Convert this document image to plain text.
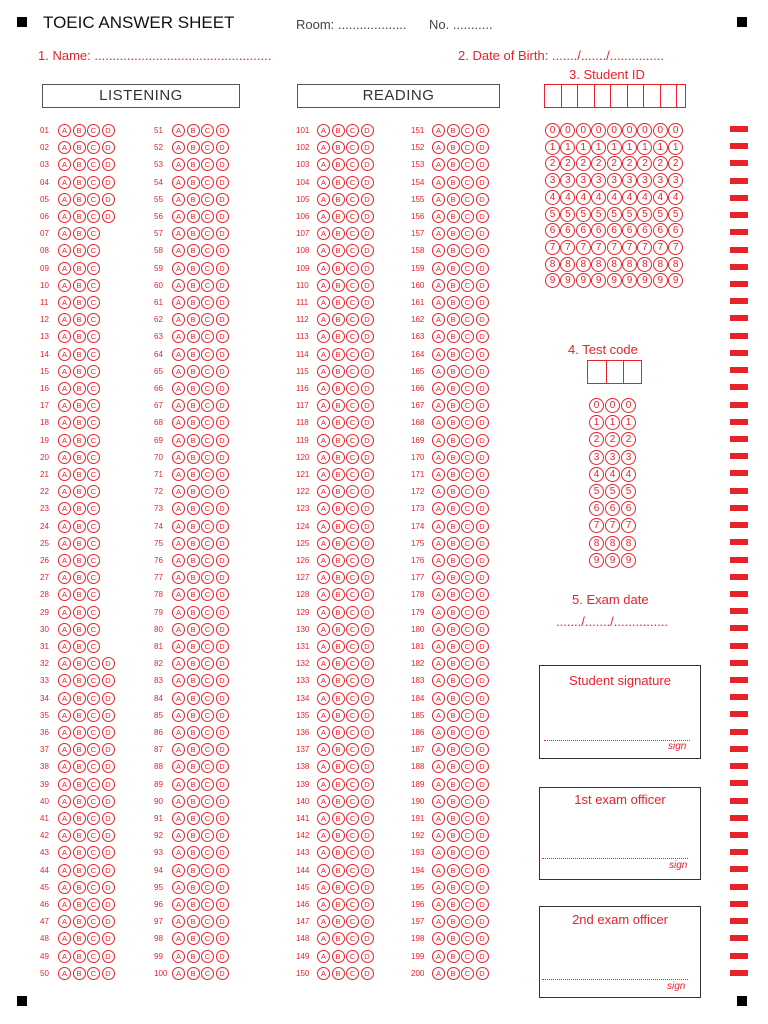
TOEIC ANSWER SHEET	Room: ................... No. ...........
1. Name: .................................................	2. Date of Birth: ......./......./...............
3. Student ID
LISTENING	READING
01	A	B	C	D
02	A	B	C	D
03	A	B	C	D
04	A	B	C	D
05	A	B	C	D
06	A	B	C	D
07	A	B	C
08	A	B	C
09	A	B	C
10	A	B	C
11	A	B	C
12	A	B	C
13	A	B	C
14	A	B	C
15	A	B	C
16	A	B	C
17	A	B	C
18	A	B	C
19	A	B	C
20	A	B	C
21	A	B	C
22	A	B	C
23	A	B	C
24	A	B	C
25	A	B	C
26	A	B	C
27	A	B	C
28	A	B	C
29	A	B	C
30	A	B	C
31	A	B	C
32	A	B	C	D
33	A	B	C	D
34	A	B	C	D
35	A	B	C	D
36	A	B	C	D
37	A	B	C	D
38	A	B	C	D
39	A	B	C	D
40	A	B	C	D
41	A	B	C	D
42	A	B	C	D
43	A	B	C	D
44	A	B	C	D
45	A	B	C	D
46	A	B	C	D
47	A	B	C	D
48	A	B	C	D
49	A	B	C	D
50	A	B	C	D
51	A	B	C	D
52	A	B	C	D
53	A	B	C	D
54	A	B	C	D
55	A	B	C	D
56	A	B	C	D
57	A	B	C	D
58	A	B	C	D
59	A	B	C	D
60	A	B	C	D
61	A	B	C	D
62	A	B	C	D
63	A	B	C	D
64	A	B	C	D
65	A	B	C	D
66	A	B	C	D
67	A	B	C	D
68	A	B	C	D
69	A	B	C	D
70	A	B	C	D
71	A	B	C	D
72	A	B	C	D
73	A	B	C	D
74	A	B	C	D
75	A	B	C	D
76	A	B	C	D
77	A	B	C	D
78	A	B	C	D
79	A	B	C	D
80	A	B	C	D
81	A	B	C	D
82	A	B	C	D
83	A	B	C	D
84	A	B	C	D
85	A	B	C	D
86	A	B	C	D
87	A	B	C	D
88	A	B	C	D
89	A	B	C	D
90	A	B	C	D
91	A	B	C	D
92	A	B	C	D
93	A	B	C	D
94	A	B	C	D
95	A	B	C	D
96	A	B	C	D
97	A	B	C	D
98	A	B	C	D
99	A	B	C	D
100	A	B	C	D
101	A	B	C	D
102	A	B	C	D
103	A	B	C	D
104	A	B	C	D
105	A	B	C	D
106	A	B	C	D
107	A	B	C	D
108	A	B	C	D
109	A	B	C	D
110	A	B	C	D
111	A	B	C	D
112	A	B	C	D
113	A	B	C	D
114	A	B	C	D
115	A	B	C	D
116	A	B	C	D
117	A	B	C	D
118	A	B	C	D
119	A	B	C	D
120	A	B	C	D
121	A	B	C	D
122	A	B	C	D
123	A	B	C	D
124	A	B	C	D
125	A	B	C	D
126	A	B	C	D
127	A	B	C	D
128	A	B	C	D
129	A	B	C	D
130	A	B	C	D
131	A	B	C	D
132	A	B	C	D
133	A	B	C	D
134	A	B	C	D
135	A	B	C	D
136	A	B	C	D
137	A	B	C	D
138	A	B	C	D
139	A	B	C	D
140	A	B	C	D
141	A	B	C	D
142	A	B	C	D
143	A	B	C	D
144	A	B	C	D
145	A	B	C	D
146	A	B	C	D
147	A	B	C	D
148	A	B	C	D
149	A	B	C	D
150	A	B	C	D
151	A	B	C	D
152	A	B	C	D
153	A	B	C	D
154	A	B	C	D
155	A	B	C	D
156	A	B	C	D
157	A	B	C	D
158	A	B	C	D
159	A	B	C	D
160	A	B	C	D
161	A	B	C	D
162	A	B	C	D
163	A	B	C	D
164	A	B	C	D
165	A	B	C	D
166	A	B	C	D
167	A	B	C	D
168	A	B	C	D
169	A	B	C	D
170	A	B	C	D
171	A	B	C	D
172	A	B	C	D
173	A	B	C	D
174	A	B	C	D
175	A	B	C	D
176	A	B	C	D
177	A	B	C	D
178	A	B	C	D
179	A	B	C	D
180	A	B	C	D
181	A	B	C	D
182	A	B	C	D
183	A	B	C	D
184	A	B	C	D
185	A	B	C	D
186	A	B	C	D
187	A	B	C	D
188	A	B	C	D
189	A	B	C	D
190	A	B	C	D
191	A	B	C	D
192	A	B	C	D
193	A	B	C	D
194	A	B	C	D
195	A	B	C	D
196	A	B	C	D
197	A	B	C	D
198	A	B	C	D
199	A	B	C	D
200	A	B	C	D
0 0 0 0 0 0 0 0 0
1 1 1 1 1 1 1 1 1
2 2 2 2 2 2 2 2 2
3 3 3 3 3 3 3 3 3
4 4 4 4 4 4 4 4 4
5 5 5 5 5 5 5 5 5
6 6 6 6 6 6 6 6 6
7 7 7 7 7 7 7 7 7
8 8 8 8 8 8 8 8 8
9 9 9 9 9 9 9 9 9
4. Test code
0	0	0
1	1	1
2	2	2
3	3	3
4	4	4
5	5	5
6	6	6
7	7	7
8	8	8
9	9	9
5. Exam date
......./......./...............
Student signature
sign
1st exam officer
sign
2nd exam officer
sign
